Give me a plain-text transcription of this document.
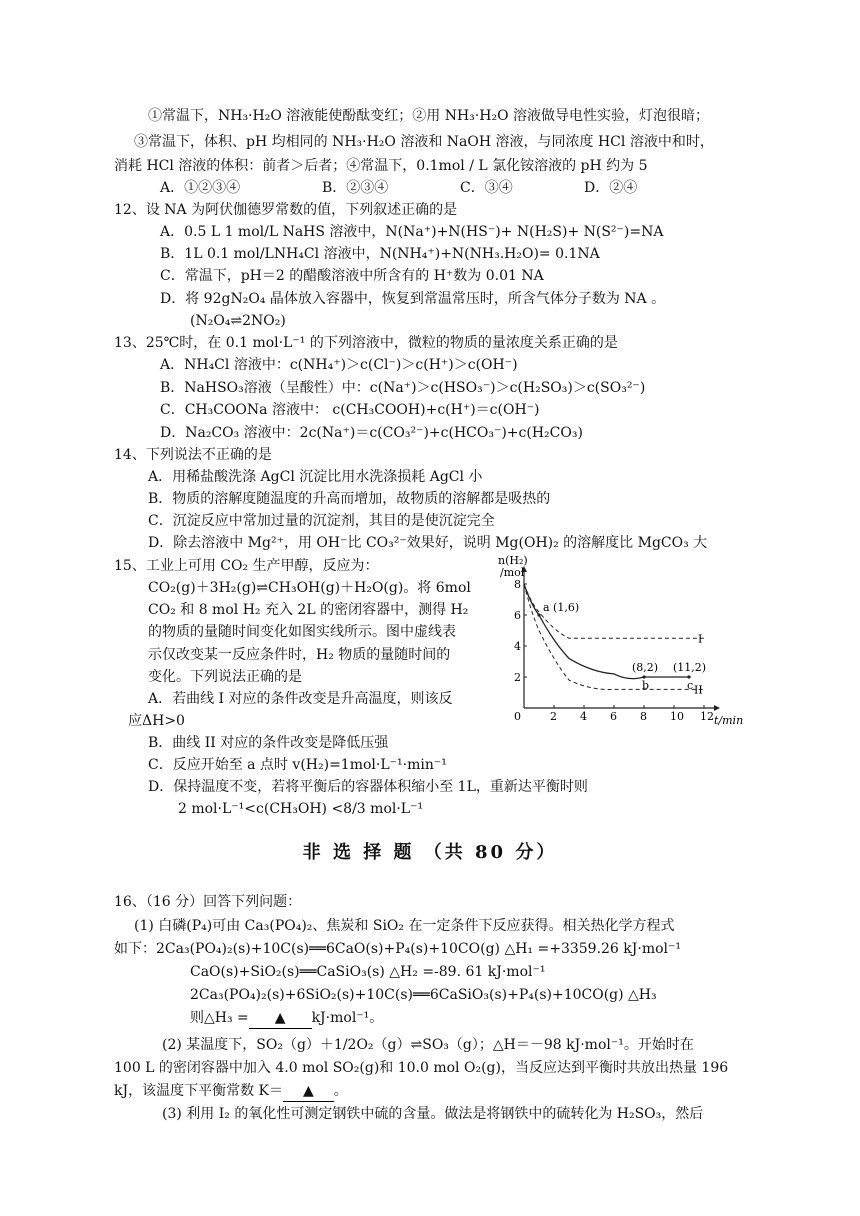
①常温下，NH₃·H₂O 溶液能使酚酞变红；②用 NH₃·H₂O 溶液做导电性实验，灯泡很暗；
③常温下，体积、pH 均相同的 NH₃·H₂O 溶液和 NaOH 溶液，与同浓度 HCl 溶液中和时，
消耗 HCl 溶液的体积：前者＞后者；④常温下，0.1mol / L 氯化铵溶液的 pH 约为 5
A．①②③④	B．②③④	C．③④	D．②④
12、设 NA 为阿伏伽德罗常数的值，下列叙述正确的是
A．0.5 L 1 mol/L NaHS 溶液中，N(Na⁺)+N(HS⁻)+ N(H₂S)+ N(S²⁻)=NA
B．1L 0.1 mol/LNH₄Cl 溶液中，N(NH₄⁺)+N(NH₃.H₂O)= 0.1NA
C．常温下，pH＝2 的醋酸溶液中所含有的 H⁺数为 0.01 NA
D．将 92gN₂O₄ 晶体放入容器中，恢复到常温常压时，所含气体分子数为 NA 。
(N₂O₄⇌2NO₂)
13、25℃时，在 0.1 mol·L⁻¹ 的下列溶液中，微粒的物质的量浓度关系正确的是
A．NH₄Cl 溶液中：c(NH₄⁺)＞c(Cl⁻)＞c(H⁺)＞c(OH⁻)
B．NaHSO₃溶液（呈酸性）中：c(Na⁺)＞c(HSO₃⁻)＞c(H₂SO₃)＞c(SO₃²⁻)
C．CH₃COONa 溶液中： c(CH₃COOH)+c(H⁺)＝c(OH⁻)
D．Na₂CO₃ 溶液中：2c(Na⁺)＝c(CO₃²⁻)+c(HCO₃⁻)+c(H₂CO₃)
14、下列说法不正确的是
A．用稀盐酸洗涤 AgCl 沉淀比用水洗涤损耗 AgCl 小
B．物质的溶解度随温度的升高而增加，故物质的溶解都是吸热的
C．沉淀反应中常加过量的沉淀剂，其目的是使沉淀完全
D．除去溶液中 Mg²⁺，用 OH⁻比 CO₃²⁻效果好，说明 Mg(OH)₂ 的溶解度比 MgCO₃ 大
15、工业上可用 CO₂ 生产甲醇，反应为：
CO₂(g)＋3H₂(g)⇌CH₃OH(g)＋H₂O(g)。将 6mol
CO₂ 和 8 mol H₂ 充入 2L 的密闭容器中，测得 H₂
的物质的量随时间变化如图实线所示。图中虚线表
示仅改变某一反应条件时，H₂ 物质的量随时间的
变化。下列说法正确的是
A．若曲线 I 对应的条件改变是升高温度，则该反
应ΔH>0
B．曲线 II 对应的条件改变是降低压强
C．反应开始至 a 点时 v(H₂)=1mol·L⁻¹·min⁻¹
D．保持温度不变，若将平衡后的容器体积缩小至 1L，重新达平衡时则
2 mol·L⁻¹<c(CH₃OH) <8/3 mol·L⁻¹
n(H₂)
/mol
t/min
0	2 4 6 8 10 12
2
4
6
8
a (1,6)
(8,2) (11,2)
b	c
I
II
非 选 择 题 （共 80 分）
16、（16 分）回答下列问题：
(1) 白磷(P₄)可由 Ca₃(PO₄)₂、焦炭和 SiO₂ 在一定条件下反应获得。相关热化学方程式
如下：2Ca₃(PO₄)₂(s)+10C(s)══6CaO(s)+P₄(s)+10CO(g) △H₁ =+3359.26 kJ·mol⁻¹
CaO(s)+SiO₂(s)══CaSiO₃(s) △H₂ =-89. 61 kJ·mol⁻¹
2Ca₃(PO₄)₂(s)+6SiO₂(s)+10C(s)══6CaSiO₃(s)+P₄(s)+10CO(g) △H₃
则△H₃ = ▲ kJ·mol⁻¹。
(2) 某温度下，SO₂（g）＋1/2O₂（g）⇌SO₃（g）；△H＝－98 kJ·mol⁻¹。开始时在
100 L 的密闭容器中加入 4.0 mol SO₂(g)和 10.0 mol O₂(g)，当反应达到平衡时共放出热量 196
kJ，该温度下平衡常数 K＝ ▲ 。
(3) 利用 I₂ 的氧化性可测定钢铁中硫的含量。做法是将钢铁中的硫转化为 H₂SO₃，然后
